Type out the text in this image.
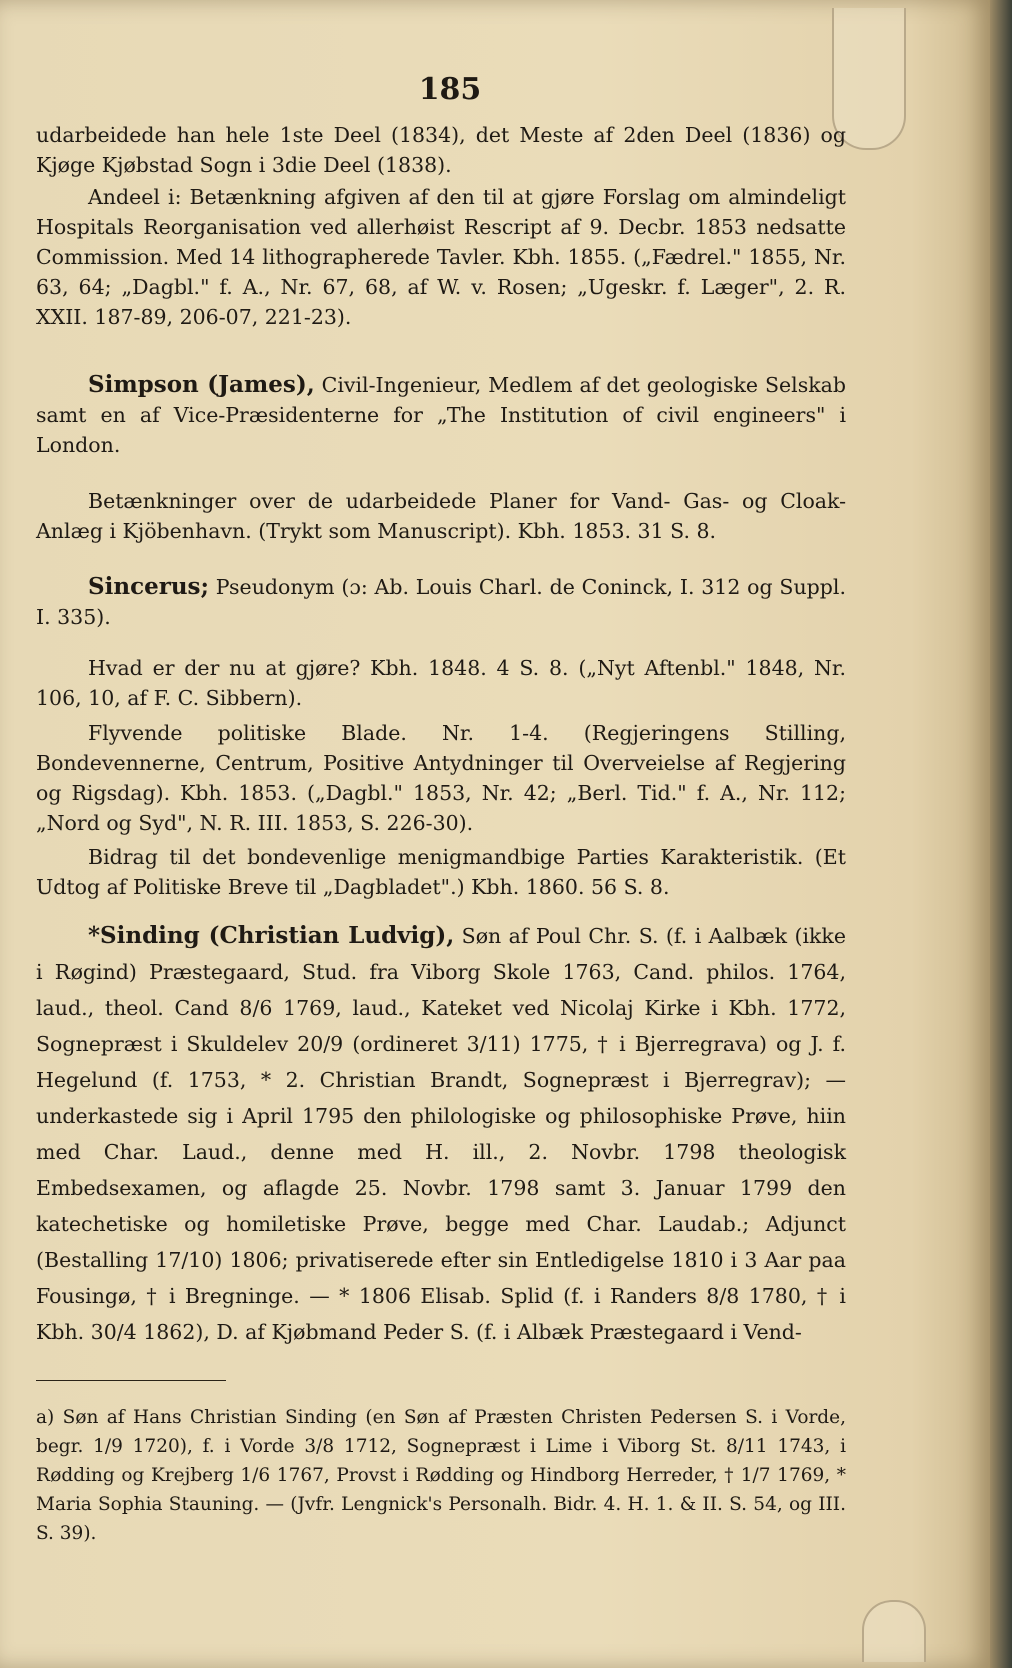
185

udarbeidede han hele 1ste Deel (1834), det Meste af 2den Deel (1836) og Kjøge Kjøbstad Sogn i 3die Deel (1838).

Andeel i: Betænkning afgiven af den til at gjøre Forslag om almindeligt Hospitals Reorganisation ved allerhøist Rescript af 9. Decbr. 1853 nedsatte Commission. Med 14 lithographerede Tavler. Kbh. 1855. („Fædrel." 1855, Nr. 63, 64; „Dagbl." f. A., Nr. 67, 68, af W. v. Rosen; „Ugeskr. f. Læger", 2. R. XXII. 187-89, 206-07, 221-23).

Simpson (James), Civil-Ingenieur, Medlem af det geologiske Selskab samt en af Vice-Præsidenterne for „The Institution of civil engineers" i London.

Betænkninger over de udarbeidede Planer for Vand- Gas- og Cloak-Anlæg i Kjöbenhavn. (Trykt som Manuscript). Kbh. 1853. 31 S. 8.

Sincerus; Pseudonym (ɔ: Ab. Louis Charl. de Coninck, I. 312 og Suppl. I. 335).

Hvad er der nu at gjøre? Kbh. 1848. 4 S. 8. („Nyt Aftenbl." 1848, Nr. 106, 10, af F. C. Sibbern).

Flyvende politiske Blade. Nr. 1-4. (Regjeringens Stilling, Bondevennerne, Centrum, Positive Antydninger til Overveielse af Regjering og Rigsdag). Kbh. 1853. („Dagbl." 1853, Nr. 42; „Berl. Tid." f. A., Nr. 112; „Nord og Syd", N. R. III. 1853, S. 226-30).

Bidrag til det bondevenlige menigmandbige Parties Karakteristik. (Et Udtog af Politiske Breve til „Dagbladet".) Kbh. 1860. 56 S. 8.

*Sinding (Christian Ludvig), Søn af Poul Chr. S. (f. i Aalbæk (ikke i Røgind) Præstegaard, Stud. fra Viborg Skole 1763, Cand. philos. 1764, laud., theol. Cand 8/6 1769, laud., Kateket ved Nicolaj Kirke i Kbh. 1772, Sognepræst i Skuldelev 20/9 (ordineret 3/11) 1775, † i Bjerregrava) og J. f. Hegelund (f. 1753, * 2. Christian Brandt, Sognepræst i Bjerregrav); — underkastede sig i April 1795 den philologiske og philosophiske Prøve, hiin med Char. Laud., denne med H. ill., 2. Novbr. 1798 theologisk Embedsexamen, og aflagde 25. Novbr. 1798 samt 3. Januar 1799 den katechetiske og homiletiske Prøve, begge med Char. Laudab.; Adjunct (Bestalling 17/10) 1806; privatiserede efter sin Entledigelse 1810 i 3 Aar paa Fousingø, † i Bregninge. — * 1806 Elisab. Splid (f. i Randers 8/8 1780, † i Kbh. 30/4 1862), D. af Kjøbmand Peder S. (f. i Albæk Præstegaard i Vend-

a) Søn af Hans Christian Sinding (en Søn af Præsten Christen Pedersen S. i Vorde, begr. 1/9 1720), f. i Vorde 3/8 1712, Sognepræst i Lime i Viborg St. 8/11 1743, i Rødding og Krejberg 1/6 1767, Provst i Rødding og Hindborg Herreder, † 1/7 1769, * Maria Sophia Stauning. — (Jvfr. Lengnick's Personalh. Bidr. 4. H. 1. & II. S. 54, og III. S. 39).
